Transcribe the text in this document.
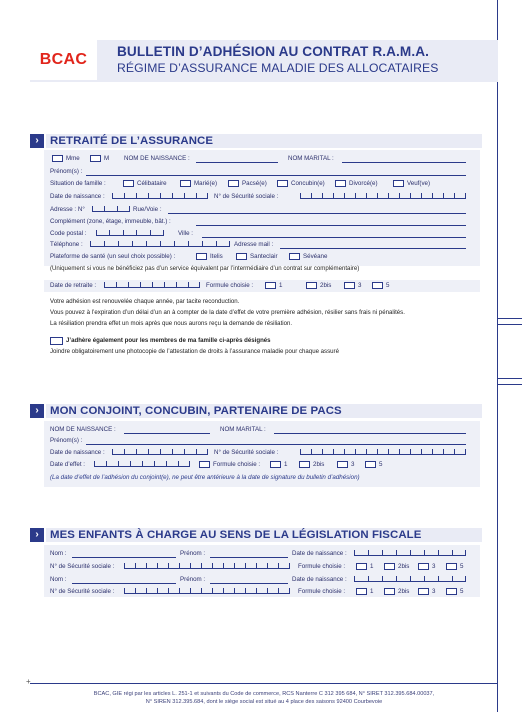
BCAC BULLETIN D’ADHÉSION AU CONTRAT R.A.M.A.
RÉGIME D’ASSURANCE MALADIE DES ALLOCATAIRES
› RETRAITÉ DE L’ASSURANCE
Mme	M NOM DE NAISSANCE :	NOM MARITAL :
Prénom(s) :
Situation de famille :	Célibataire	Marié(e)	Pacsé(e)	Concubin(e)	Divorcé(e)	Veuf(ve)
Date de naissance :	N° de Sécurité sociale :
Adresse : N°	Rue/Voie :
Complément (zone, étage, immeuble, bât.) :
Code postal :	Ville :
Téléphone :	Adresse mail :
Plateforme de santé (un seul choix possible) :	Itelis	Santeclair	Sévéane
(Uniquement si vous ne bénéficiez pas d’un service équivalent par l’intermédiaire d’un contrat sur complémentaire)
Date de retraite :	Formule choisie :	1	2bis	3	5
Votre adhésion est renouvelée chaque année, par tacite reconduction.
Vous pouvez à l’expiration d’un délai d’un an à compter de la date d’effet de votre première adhésion, résilier sans frais ni pénalités.
La résiliation prendra effet un mois après que nous aurons reçu la demande de résiliation.
J’adhère également pour les membres de ma famille ci-après désignés
Joindre obligatoirement une photocopie de l’attestation de droits à l’assurance maladie pour chaque assuré
› MON CONJOINT, CONCUBIN, PARTENAIRE DE PACS
NOM DE NAISSANCE :	NOM MARITAL :
Prénom(s) :
Date de naissance :	N° de Sécurité sociale :
Date d’effet :	Formule choisie :	1	2bis	3	5
(La date d’effet de l’adhésion du conjoint(e), ne peut être antérieure à la date de signature du bulletin d’adhésion)
› MES ENFANTS À CHARGE AU SENS DE LA LÉGISLATION FISCALE
Nom :	Prénom :	Date de naissance :
N° de Sécurité sociale :	Formule choisie :	1	2bis	3	5
Nom :	Prénom :	Date de naissance :
N° de Sécurité sociale :	Formule choisie :	1	2bis	3	5
+
BCAC, GIE régi par les articles L. 251-1 et suivants du Code de commerce, RCS Nanterre C 312 395 684, N° SIRET 312.395.684.00037,
N° SIREN 312.395.684, dont le siège social est situé au 4 place des saisons 92400 Courbevoie
